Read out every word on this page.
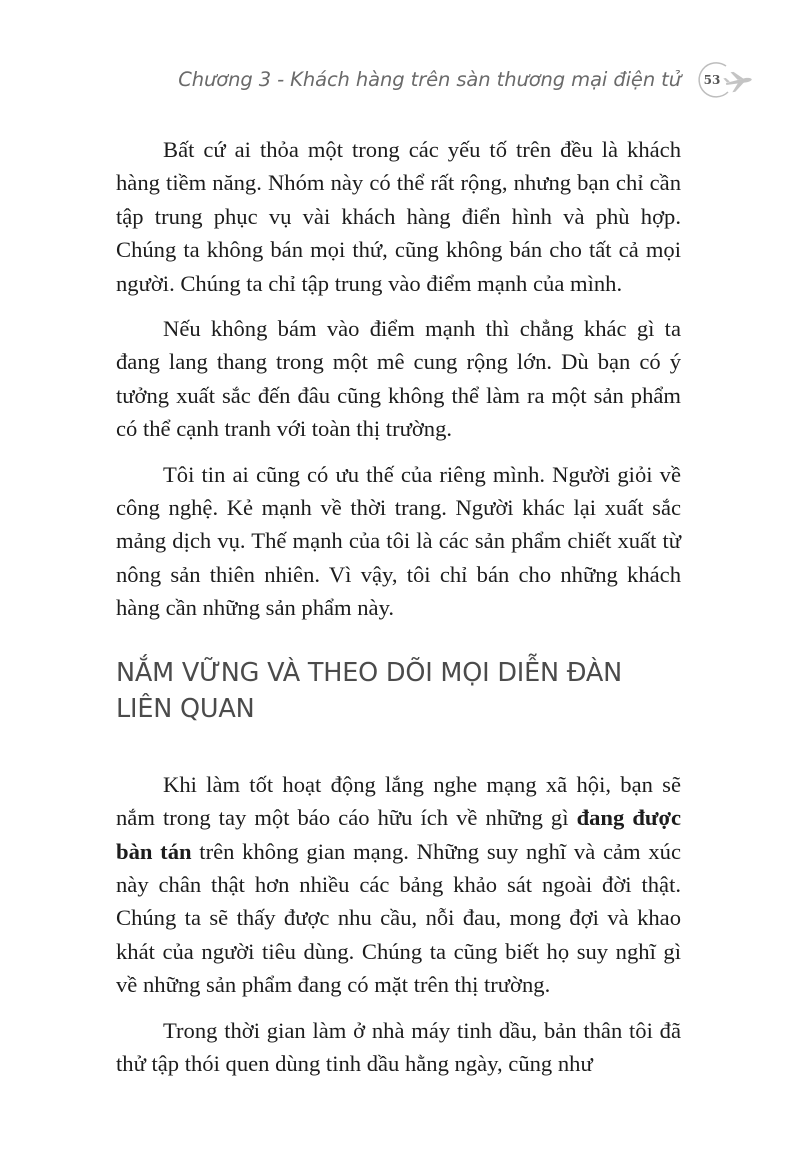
Chương 3 - Khách hàng trên sàn thương mại điện tử	53

Bất cứ ai thỏa một trong các yếu tố trên đều là khách hàng tiềm năng. Nhóm này có thể rất rộng, nhưng bạn chỉ cần tập trung phục vụ vài khách hàng điển hình và phù hợp. Chúng ta không bán mọi thứ, cũng không bán cho tất cả mọi người. Chúng ta chỉ tập trung vào điểm mạnh của mình.

Nếu không bám vào điểm mạnh thì chẳng khác gì ta đang lang thang trong một mê cung rộng lớn. Dù bạn có ý tưởng xuất sắc đến đâu cũng không thể làm ra một sản phẩm có thể cạnh tranh với toàn thị trường.

Tôi tin ai cũng có ưu thế của riêng mình. Người giỏi về công nghệ. Kẻ mạnh về thời trang. Người khác lại xuất sắc mảng dịch vụ. Thế mạnh của tôi là các sản phẩm chiết xuất từ nông sản thiên nhiên. Vì vậy, tôi chỉ bán cho những khách hàng cần những sản phẩm này.

NẮM VỮNG VÀ THEO DÕI MỌI DIỄN ĐÀN
LIÊN QUAN

Khi làm tốt hoạt động lắng nghe mạng xã hội, bạn sẽ nắm trong tay một báo cáo hữu ích về những gì đang được bàn tán trên không gian mạng. Những suy nghĩ và cảm xúc này chân thật hơn nhiều các bảng khảo sát ngoài đời thật. Chúng ta sẽ thấy được nhu cầu, nỗi đau, mong đợi và khao khát của người tiêu dùng. Chúng ta cũng biết họ suy nghĩ gì về những sản phẩm đang có mặt trên thị trường.

Trong thời gian làm ở nhà máy tinh dầu, bản thân tôi đã thử tập thói quen dùng tinh dầu hằng ngày, cũng như
